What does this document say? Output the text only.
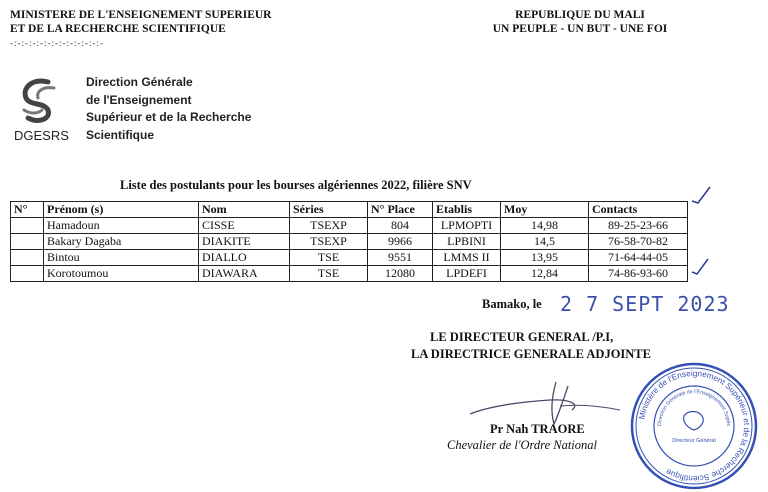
MINISTERE DE L'ENSEIGNEMENT SUPERIEUR
ET DE LA RECHERCHE SCIENTIFIQUE
-:-:-:-:-:-:-:-:-:-:-:-:-
REPUBLIQUE DU MALI
UN PEUPLE - UN BUT - UNE FOI
DGESRS
Direction Générale
de l'Enseignement
Supérieur et de la Recherche
Scientifique
Liste des postulants pour les bourses algériennes 2022, filière SNV
N°	Prénom (s)	Nom	Séries	N° Place	Etablis	Moy	Contacts
	Hamadoun	CISSE	TSEXP	804	LPMOPTI	14,98	89-25-23-66
	Bakary Dagaba	DIAKITE	TSEXP	9966	LPBINI	14,5	76-58-70-82
	Bintou	DIALLO	TSE	9551	LMMS II	13,95	71-64-44-05
	Korotoumou	DIAWARA	TSE	12080	LPDEFI	12,84	74-86-93-60
Bamako, le 2 7 SEPT 2023
LE DIRECTEUR GENERAL /P.I,
LA DIRECTRICE GENERALE ADJOINTE
Pr Nah TRAORE
Chevalier de l'Ordre National
Ministère de l'Enseignement Supérieur et de la Recherche Scientifique
Direction Générale de l'Enseignement Supéri
Directeur Général
